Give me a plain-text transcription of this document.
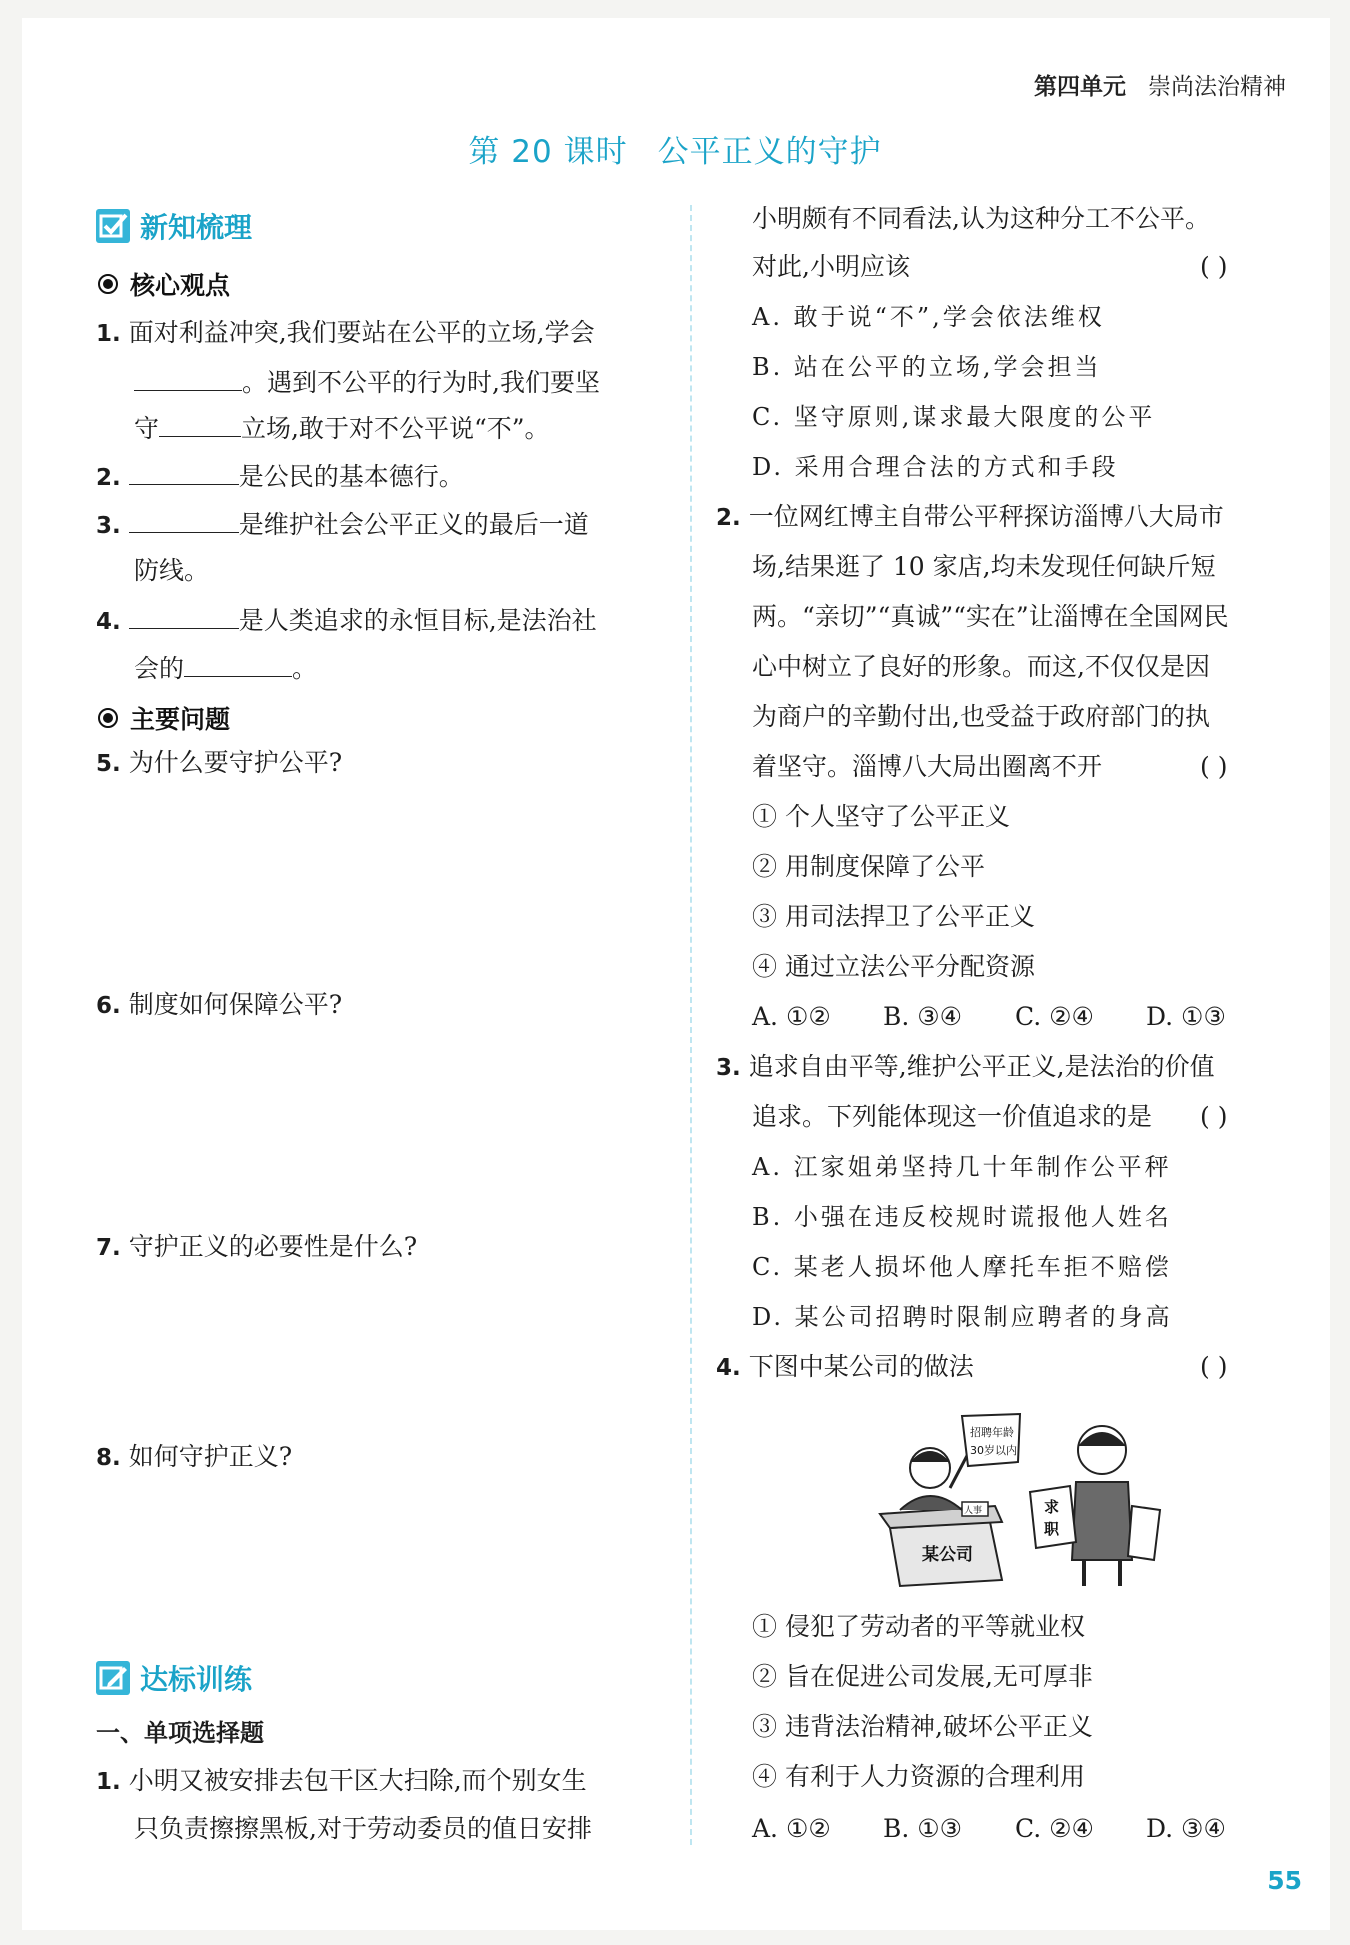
第四单元 崇尚法治精神
第 20 课时 公平正义的守护
新知梳理
核心观点
1. 面对利益冲突,我们要站在公平的立场,学会
。遇到不公平的行为时,我们要坚
守	立场,敢于对不公平说“不”。
2.	是公民的基本德行。
3.	是维护社会公平正义的最后一道
防线。
4.	是人类追求的永恒目标,是法治社
会的	。
主要问题
5. 为什么要守护公平?
6. 制度如何保障公平?
7. 守护正义的必要性是什么?
8. 如何守护正义?
达标训练
一、单项选择题
1. 小明又被安排去包干区大扫除,而个别女生
只负责擦擦黑板,对于劳动委员的值日安排
小明颇有不同看法,认为这种分工不公平。
对此,小明应该	( )
A. 敢于说“不”,学会依法维权
B. 站在公平的立场,学会担当
C. 坚守原则,谋求最大限度的公平
D. 采用合理合法的方式和手段
2. 一位网红博主自带公平秤探访淄博八大局市
场,结果逛了 10 家店,均未发现任何缺斤短
两。“亲切”“真诚”“实在”让淄博在全国网民
心中树立了良好的形象。而这,不仅仅是因
为商户的辛勤付出,也受益于政府部门的执
着坚守。淄博八大局出圈离不开	( )
① 个人坚守了公平正义
② 用制度保障了公平
③ 用司法捍卫了公平正义
④ 通过立法公平分配资源
A. ①② B. ③④ C. ②④ D. ①③
3. 追求自由平等,维护公平正义,是法治的价值
追求。下列能体现这一价值追求的是 ( )
A. 江家姐弟坚持几十年制作公平秤
B. 小强在违反校规时谎报他人姓名
C. 某老人损坏他人摩托车拒不赔偿
D. 某公司招聘时限制应聘者的身高
4. 下图中某公司的做法	( )
某公司
人事
招聘年龄
30岁以内
求
职
① 侵犯了劳动者的平等就业权
② 旨在促进公司发展,无可厚非
③ 违背法治精神,破坏公平正义
④ 有利于人力资源的合理利用
A. ①② B. ①③ C. ②④ D. ③④
55
